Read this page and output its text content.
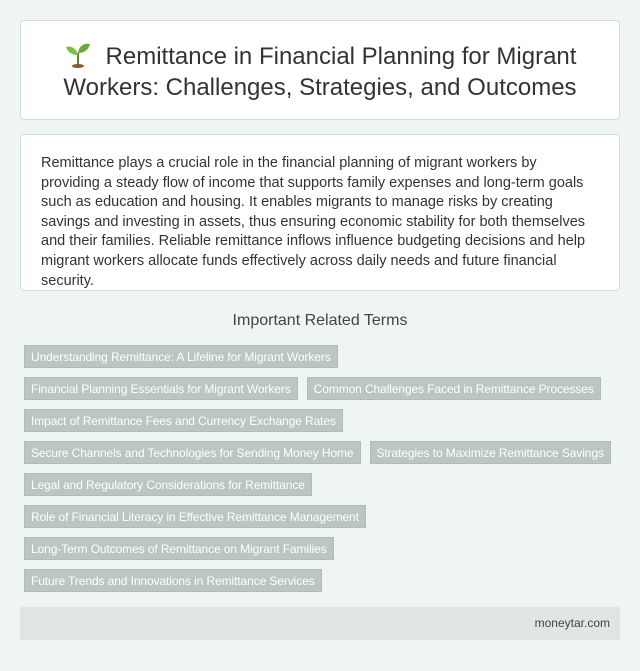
Remittance in Financial Planning for Migrant Workers: Challenges, Strategies, and Outcomes

Remittance plays a crucial role in the financial planning of migrant workers by providing a steady flow of income that supports family expenses and long-term goals such as education and housing. It enables migrants to manage risks by creating savings and investing in assets, thus ensuring economic stability for both themselves and their families. Reliable remittance inflows influence budgeting decisions and help migrant workers allocate funds effectively across daily needs and future financial security.

Important Related Terms
Understanding Remittance: A Lifeline for Migrant Workers
Financial Planning Essentials for Migrant Workers	Common Challenges Faced in Remittance Processes
Impact of Remittance Fees and Currency Exchange Rates
Secure Channels and Technologies for Sending Money Home	Strategies to Maximize Remittance Savings
Legal and Regulatory Considerations for Remittance
Role of Financial Literacy in Effective Remittance Management
Long-Term Outcomes of Remittance on Migrant Families
Future Trends and Innovations in Remittance Services
moneytar.com
